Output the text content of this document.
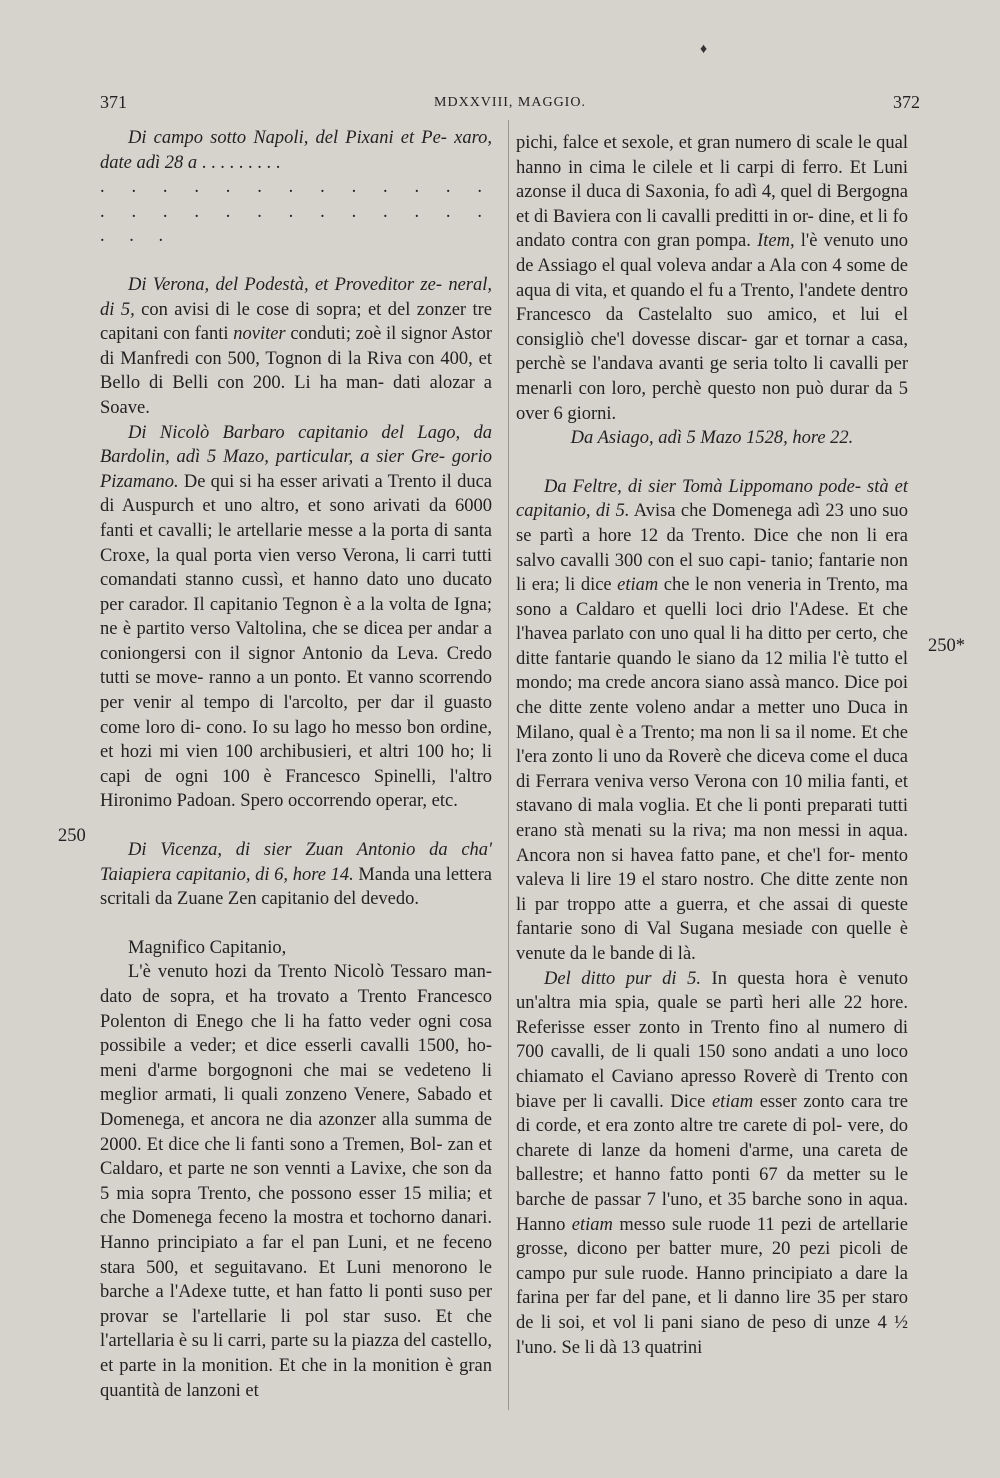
♦
371	MDXXVIII, MAGGIO.	372
250
250*

Di campo sotto Napoli, del Pixani et Pe- xaro, date adì 28 a . . . . . . . . .

. . . . . . . . . . . . . . . . . . . . . . . . . . . . .

Di Verona, del Podestà, et Proveditor ze- neral, di 5, con avisi di le cose di sopra; et del zonzer tre capitani con fanti noviter conduti; zoè il signor Astor di Manfredi con 500, Tognon di la Riva con 400, et Bello di Belli con 200. Li ha man- dati alozar a Soave.

Di Nicolò Barbaro capitanio del Lago, da Bardolin, adì 5 Mazo, particular, a sier Gre- gorio Pizamano. De qui si ha esser arivati a Trento il duca di Auspurch et uno altro, et sono arivati da 6000 fanti et cavalli; le artellarie messe a la porta di santa Croxe, la qual porta vien verso Verona, li carri tutti comandati stanno cussì, et hanno dato uno ducato per carador. Il capitanio Tegnon è a la volta de Igna; ne è partito verso Valtolina, che se dicea per andar a coniongersi con il signor Antonio da Leva. Credo tutti se move- ranno a un ponto. Et vanno scorrendo per venir al tempo di l'arcolto, per dar il guasto come loro di- cono. Io su lago ho messo bon ordine, et hozi mi vien 100 archibusieri, et altri 100 ho; li capi de ogni 100 è Francesco Spinelli, l'altro Hironimo Padoan. Spero occorrendo operar, etc.

Di Vicenza, di sier Zuan Antonio da cha' Taiapiera capitanio, di 6, hore 14. Manda una lettera scritali da Zuane Zen capitanio del devedo.

Magnifico Capitanio,

L'è venuto hozi da Trento Nicolò Tessaro man- dato de sopra, et ha trovato a Trento Francesco Polenton di Enego che li ha fatto veder ogni cosa possibile a veder; et dice esserli cavalli 1500, ho- meni d'arme borgognoni che mai se vedeteno li meglior armati, li quali zonzeno Venere, Sabado et Domenega, et ancora ne dia azonzer alla summa de 2000. Et dice che li fanti sono a Tremen, Bol- zan et Caldaro, et parte ne son vennti a Lavixe, che son da 5 mia sopra Trento, che possono esser 15 milia; et che Domenega feceno la mostra et tochorno danari. Hanno principiato a far el pan Luni, et ne feceno stara 500, et seguitavano. Et Luni menorono le barche a l'Adexe tutte, et han fatto li ponti suso per provar se l'artellarie li pol star suso. Et che l'artellaria è su li carri, parte su la piazza del castello, et parte in la monition. Et che in la monition è gran quantità de lanzoni et

pichi, falce et sexole, et gran numero di scale le qual hanno in cima le cilele et li carpi di ferro. Et Luni azonse il duca di Saxonia, fo adì 4, quel di Bergogna et di Baviera con li cavalli preditti in or- dine, et li fo andato contra con gran pompa. Item, l'è venuto uno de Assiago el qual voleva andar a Ala con 4 some de aqua di vita, et quando el fu a Trento, l'andete dentro Francesco da Castelalto suo amico, et lui el consigliò che'l dovesse discar- gar et tornar a casa, perchè se l'andava avanti ge seria tolto li cavalli per menarli con loro, perchè questo non può durar da 5 over 6 giorni.

Da Asiago, adì 5 Mazo 1528, hore 22.

Da Feltre, di sier Tomà Lippomano pode- stà et capitanio, di 5. Avisa che Domenega adì 23 uno suo se partì a hore 12 da Trento. Dice che non li era salvo cavalli 300 con el suo capi- tanio; fantarie non li era; li dice etiam che le non veneria in Trento, ma sono a Caldaro et quelli loci drio l'Adese. Et che l'havea parlato con uno qual li ha ditto per certo, che ditte fantarie quando le siano da 12 milia l'è tutto el mondo; ma crede ancora siano assà manco. Dice poi che ditte zente voleno andar a metter uno Duca in Milano, qual è a Trento; ma non li sa il nome. Et che l'era zonto li uno da Roverè che diceva come el duca di Ferrara veniva verso Verona con 10 milia fanti, et stavano di mala voglia. Et che li ponti preparati tutti erano stà menati su la riva; ma non messi in aqua. Ancora non si havea fatto pane, et che'l for- mento valeva li lire 19 el staro nostro. Che ditte zente non li par troppo atte a guerra, et che assai di queste fantarie sono di Val Sugana mesiade con quelle è venute da le bande di là.

Del ditto pur di 5. In questa hora è venuto un'altra mia spia, quale se partì heri alle 22 hore. Referisse esser zonto in Trento fino al numero di 700 cavalli, de li quali 150 sono andati a uno loco chiamato el Caviano apresso Roverè di Trento con biave per li cavalli. Dice etiam esser zonto cara tre di corde, et era zonto altre tre carete di pol- vere, do charete di lanze da homeni d'arme, una careta de ballestre; et hanno fatto ponti 67 da metter su le barche de passar 7 l'uno, et 35 barche sono in aqua. Hanno etiam messo sule ruode 11 pezi de artellarie grosse, dicono per batter mure, 20 pezi picoli de campo pur sule ruode. Hanno principiato a dare la farina per far del pane, et li danno lire 35 per staro de li soi, et vol li pani siano de peso di unze 4 ½ l'uno. Se li dà 13 quatrini
